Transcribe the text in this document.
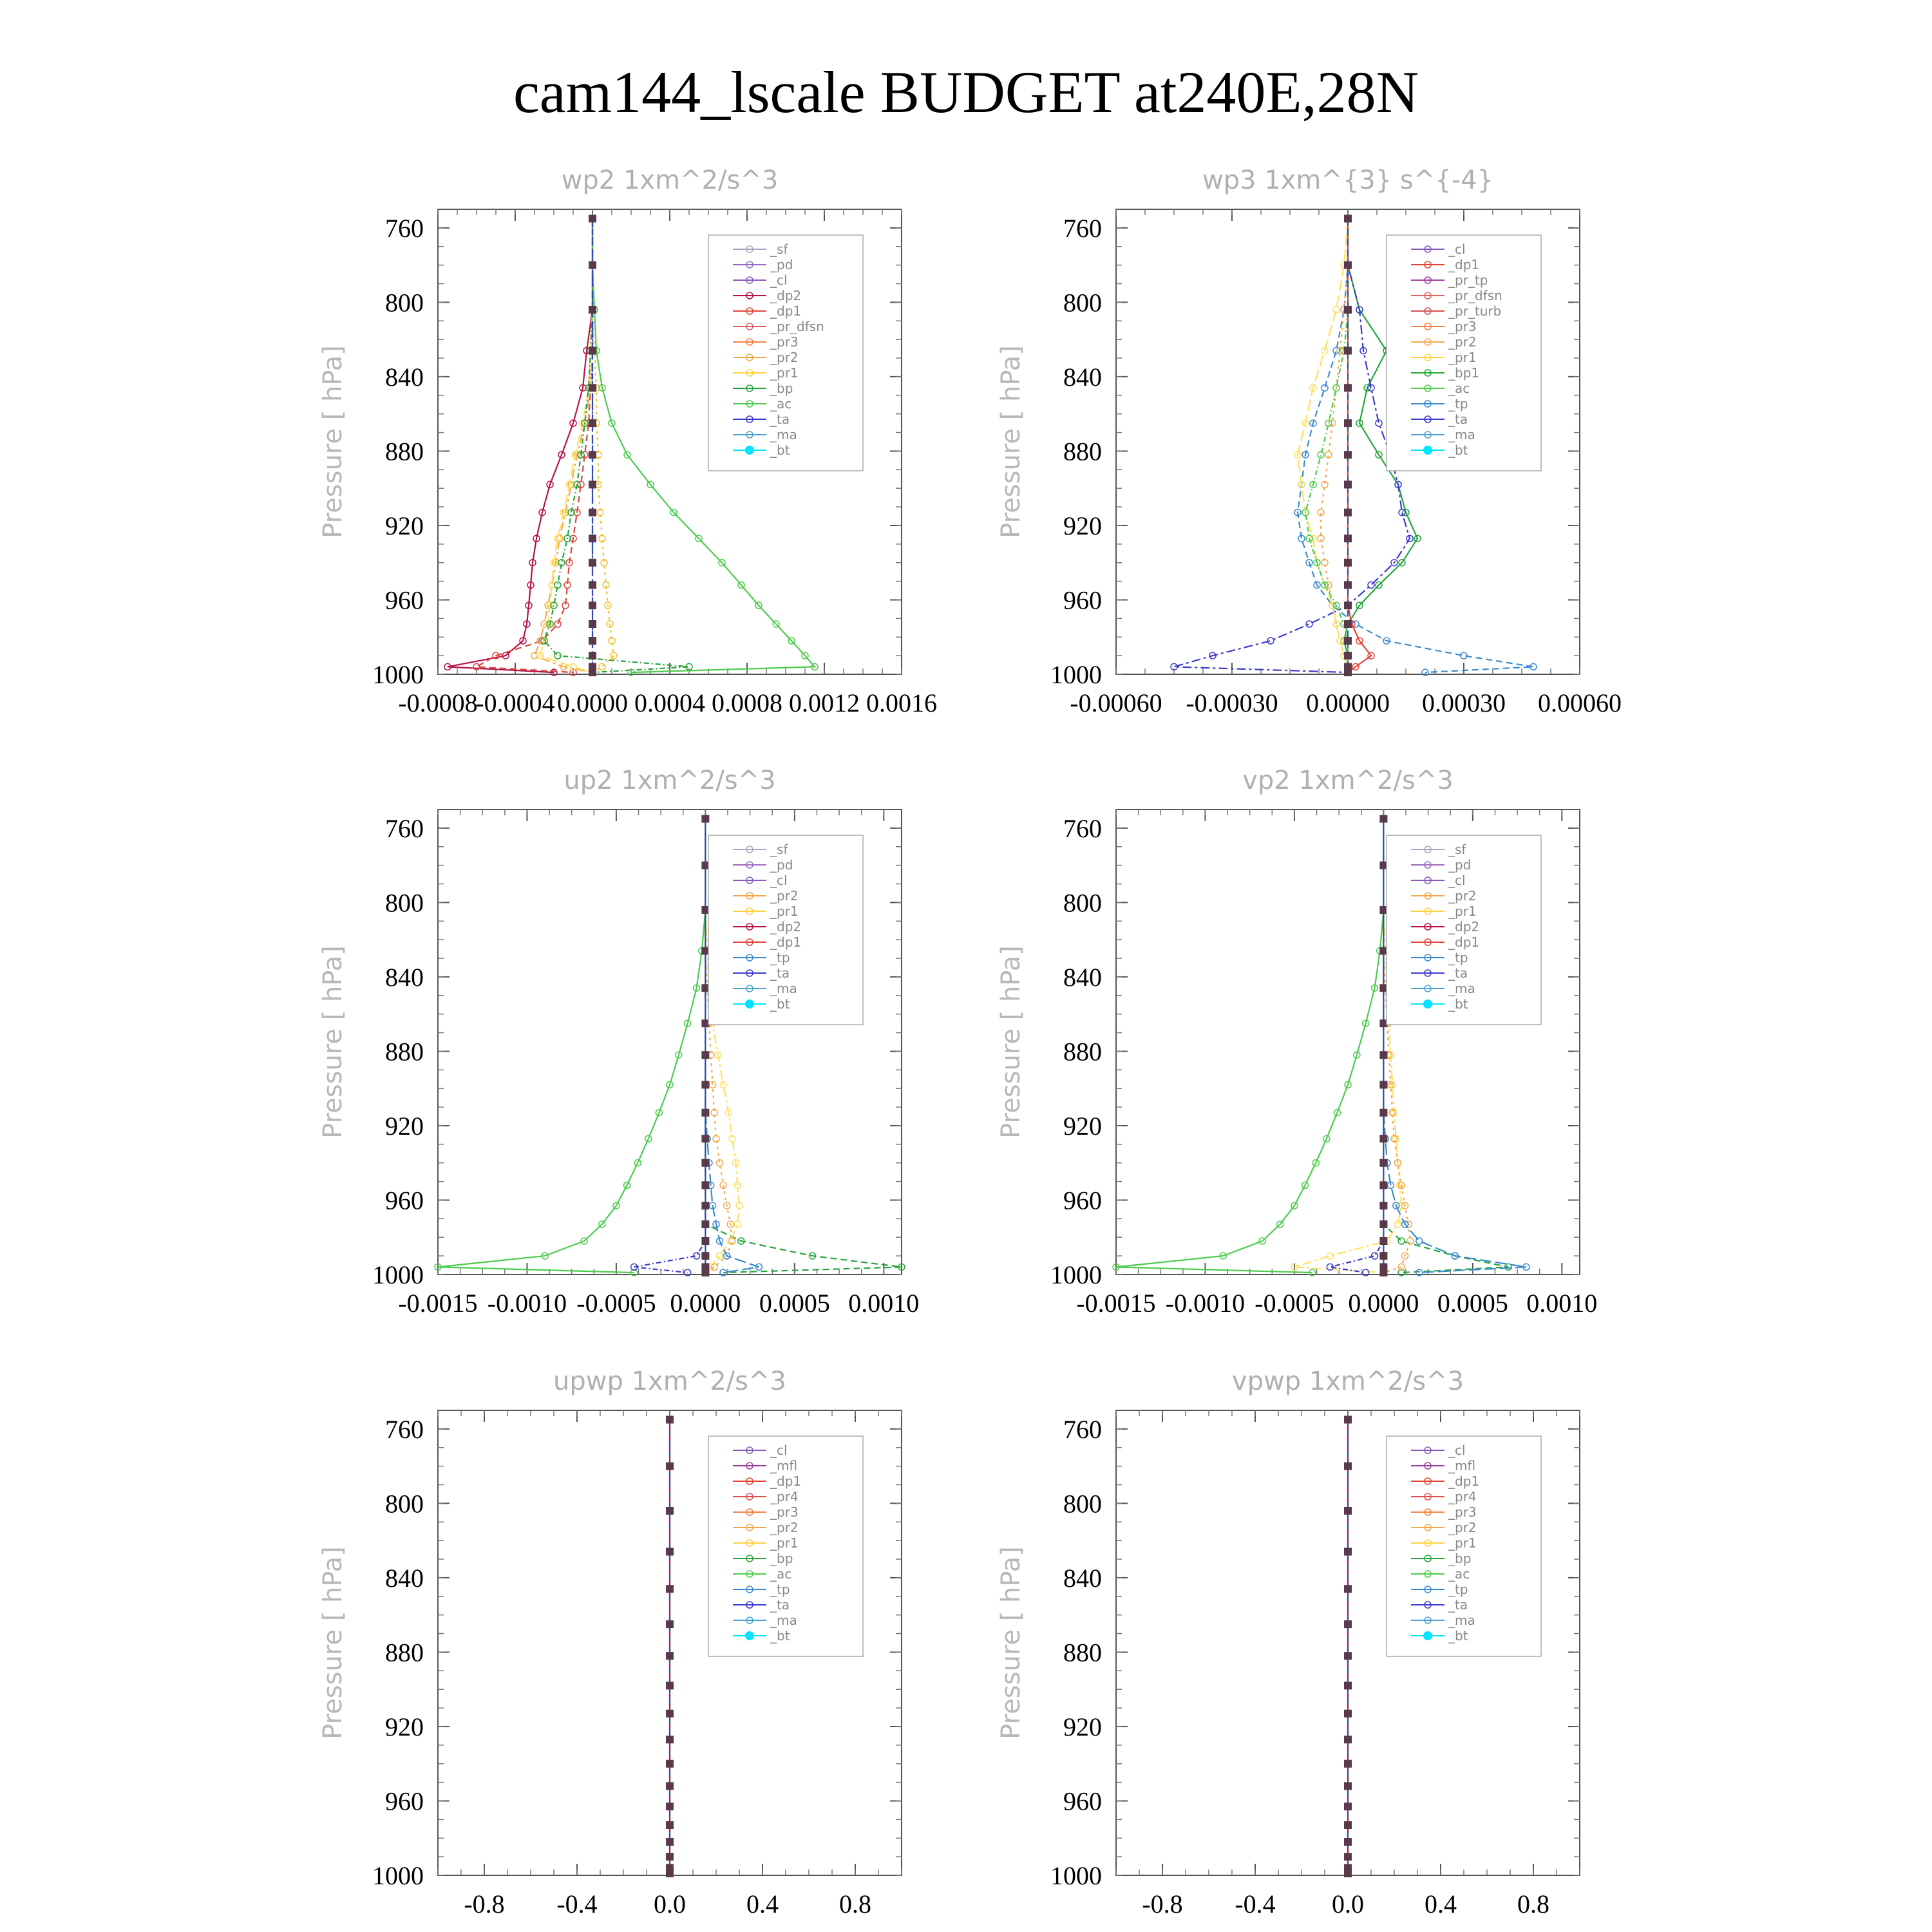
cam144_lscale BUDGET at240E,28N
wp2 1xm^2/s^3
Pressure [ hPa]
760
800
840
880
920
960
1000
-0.0008
-0.0004 0.0000 0.0004 0.0008 0.0012 0.0016
_sf
_pd
_cl
_dp2
_dp1
_pr_dfsn
_pr3
_pr2
_pr1
_bp
_ac
_ta
_ma
_bt
wp3 1xm^{3} s^{-4}
Pressure [ hPa]
760
800
840
880
920
960
1000
-0.00060 -0.00030 0.00000 0.00030 0.00060
_cl
_dp1
_pr_tp
_pr_dfsn
_pr_turb
_pr3
_pr2
_pr1
_bp1
_ac
_tp
_ta
_ma
_bt
up2 1xm^2/s^3
Pressure [ hPa]
760
800
840
880
920
960
1000
-0.0015 -0.0010 -0.0005 0.0000 0.0005 0.0010
_sf
_pd
_cl
_pr2
_pr1
_dp2
_dp1
_tp
_ta
_ma
_bt
vp2 1xm^2/s^3
Pressure [ hPa]
760
800
840
880
920
960
1000
-0.0015 -0.0010 -0.0005 0.0000 0.0005 0.0010
_sf
_pd
_cl
_pr2
_pr1
_dp2
_dp1
_tp
_ta
_ma
_bt
upwp 1xm^2/s^3
Pressure [ hPa]
760
800
840
880
920
960
1000
-0.8 -0.4 0.0 0.4 0.8
_cl
_mfl
_dp1
_pr4
_pr3
_pr2
_pr1
_bp
_ac
_tp
_ta
_ma
_bt
vpwp 1xm^2/s^3
Pressure [ hPa]
760
800
840
880
920
960
1000
-0.8 -0.4 0.0 0.4 0.8
_cl
_mfl
_dp1
_pr4
_pr3
_pr2
_pr1
_bp
_ac
_tp
_ta
_ma
_bt
